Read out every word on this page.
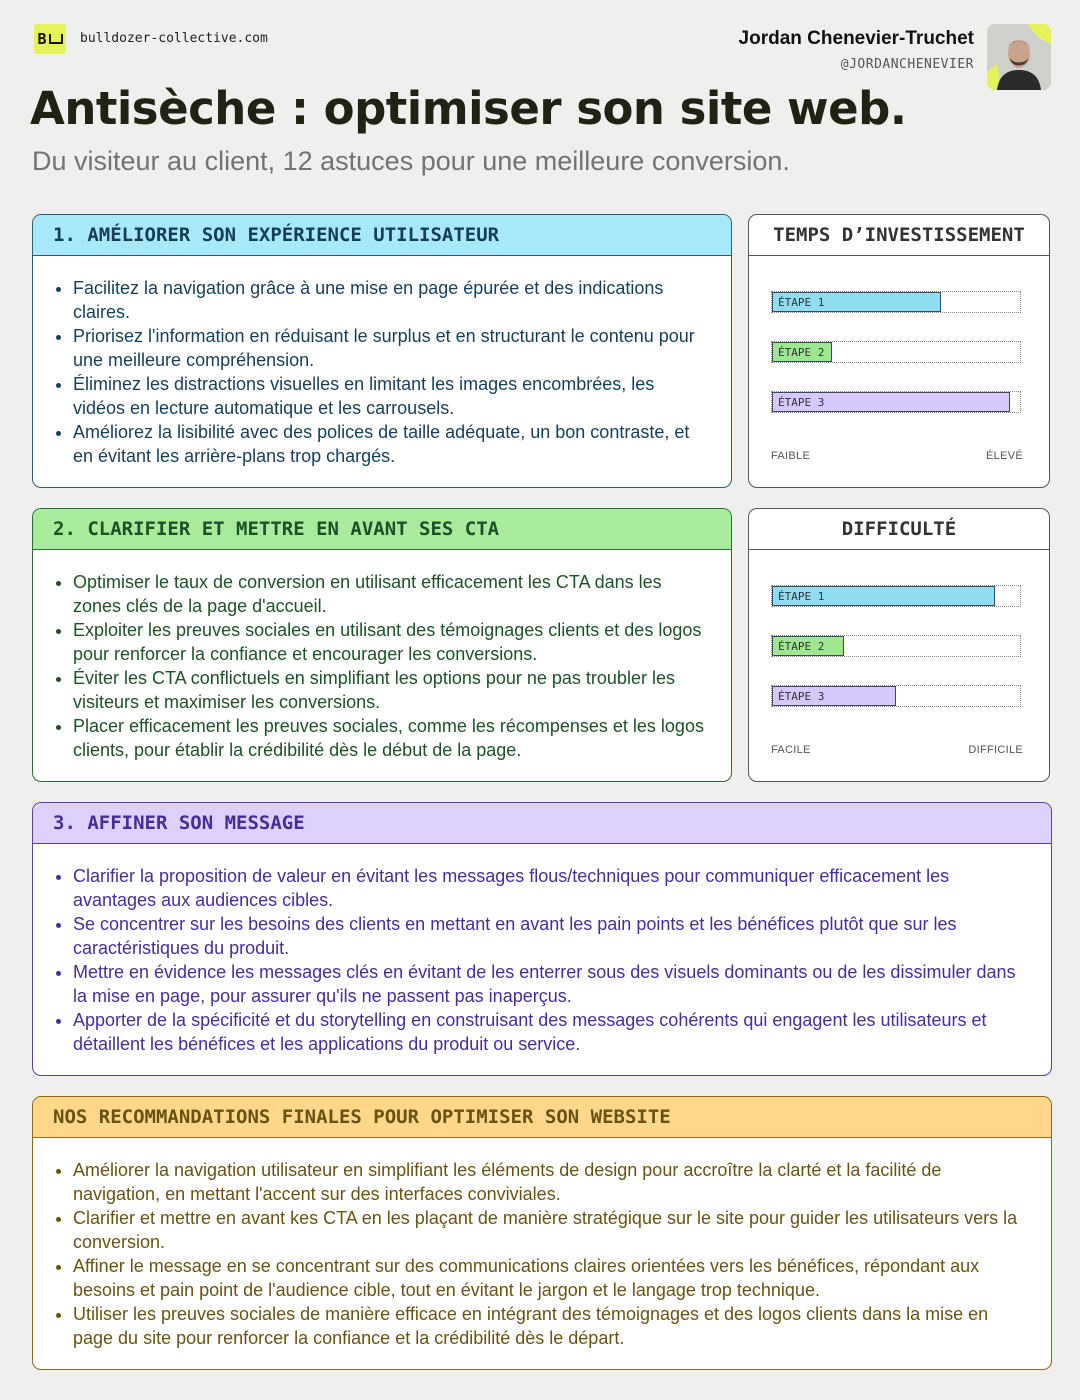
B	bulldozer-collective.com	Jordan Chenevier-Truchet
@JORDANCHENEVIER
Antisèche : optimiser son site web.

Du visiteur au client, 12 astuces pour une meilleure conversion.

1. AMÉLIORER SON EXPÉRIENCE UTILISATEUR
• Facilitez la navigation grâce à une mise en page épurée et des indications claires.
• Priorisez l'information en réduisant le surplus et en structurant le contenu pour une meilleure compréhension.
• Éliminez les distractions visuelles en limitant les images encombrées, les vidéos en lecture automatique et les carrousels.
• Améliorez la lisibilité avec des polices de taille adéquate, un bon contraste, et en évitant les arrière-plans trop chargés.
TEMPS D’INVESTISSEMENT
ÉTAPE 1
ÉTAPE 2
ÉTAPE 3
FAIBLE	ÉLEVÉ
2. CLARIFIER ET METTRE EN AVANT SES CTA
• Optimiser le taux de conversion en utilisant efficacement les CTA dans les zones clés de la page d'accueil.
• Exploiter les preuves sociales en utilisant des témoignages clients et des logos pour renforcer la confiance et encourager les conversions.
• Éviter les CTA conflictuels en simplifiant les options pour ne pas troubler les visiteurs et maximiser les conversions.
• Placer efficacement les preuves sociales, comme les récompenses et les logos clients, pour établir la crédibilité dès le début de la page.
DIFFICULTÉ
ÉTAPE 1
ÉTAPE 2
ÉTAPE 3
FACILE	DIFFICILE
3. AFFINER SON MESSAGE
• Clarifier la proposition de valeur en évitant les messages flous/techniques pour communiquer efficacement les avantages aux audiences cibles.
• Se concentrer sur les besoins des clients en mettant en avant les pain points et les bénéfices plutôt que sur les caractéristiques du produit.
• Mettre en évidence les messages clés en évitant de les enterrer sous des visuels dominants ou de les dissimuler dans la mise en page, pour assurer qu'ils ne passent pas inaperçus.
• Apporter de la spécificité et du storytelling en construisant des messages cohérents qui engagent les utilisateurs et détaillent les bénéfices et les applications du produit ou service.
NOS RECOMMANDATIONS FINALES POUR OPTIMISER SON WEBSITE
• Améliorer la navigation utilisateur en simplifiant les éléments de design pour accroître la clarté et la facilité de navigation, en mettant l'accent sur des interfaces conviviales.
• Clarifier et mettre en avant kes CTA en les plaçant de manière stratégique sur le site pour guider les utilisateurs vers la conversion.
• Affiner le message en se concentrant sur des communications claires orientées vers les bénéfices, répondant aux besoins et pain point de l'audience cible, tout en évitant le jargon et le langage trop technique.
• Utiliser les preuves sociales de manière efficace en intégrant des témoignages et des logos clients dans la mise en page du site pour renforcer la confiance et la crédibilité dès le départ.
